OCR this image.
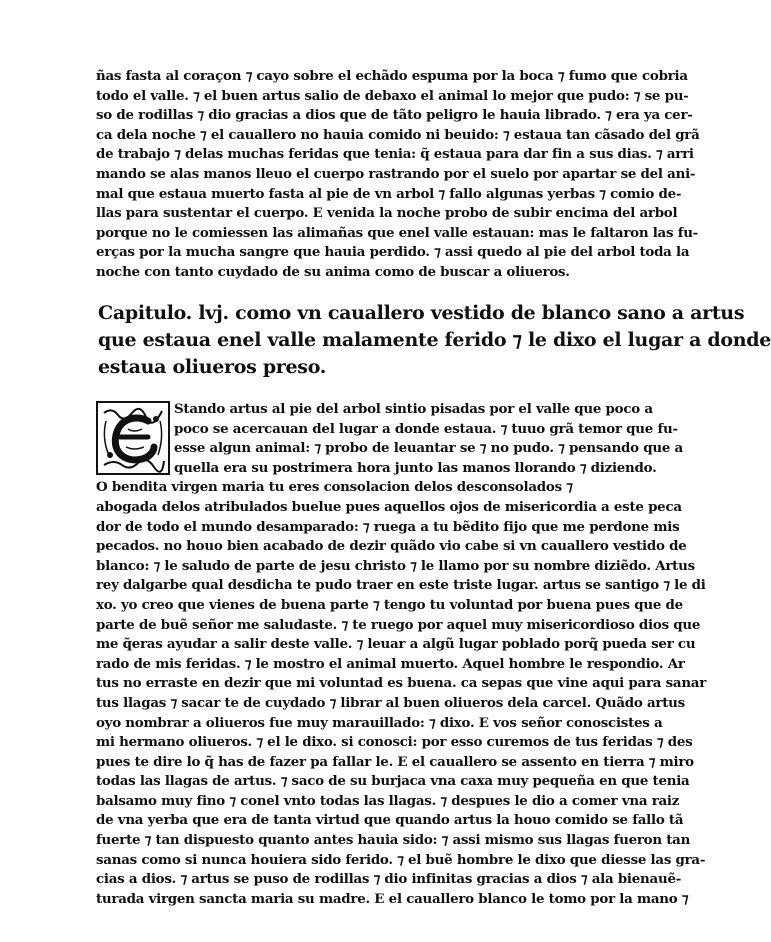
ñas fasta al coraçon ⁊ cayo sobre el echãdo espuma por la boca ⁊ fumo que cobria
todo el valle. ⁊ el buen artus salio de debaxo el animal lo mejor que pudo: ⁊ se pu-
so de rodillas ⁊ dio gracias a dios que de tãto peligro le hauia librado. ⁊ era ya cer-
ca dela noche ⁊ el cauallero no hauia comido ni beuido: ⁊ estaua tan cãsado del grã
de trabajo ⁊ delas muchas feridas que tenia: q̃ estaua para dar fin a sus dias. ⁊ arri
mando se alas manos lleuo el cuerpo rastrando por el suelo por apartar se del ani-
mal que estaua muerto fasta al pie de vn arbol ⁊ fallo algunas yerbas ⁊ comio de-
llas para sustentar el cuerpo. E venida la noche probo de subir encima del arbol
porque no le comiessen las alimañas que enel valle estauan: mas le faltaron las fu-
erças por la mucha sangre que hauia perdido. ⁊ assi quedo al pie del arbol toda la
noche con tanto cuydado de su anima como de buscar a oliueros.
Capitulo. lvj. como vn cauallero vestido de blanco sano a artus
que estaua enel valle malamente ferido ⁊ le dixo el lugar a donde
estaua oliueros preso.
Stando artus al pie del arbol sintio pisadas por el valle que poco a
poco se acercauan del lugar a donde estaua. ⁊ tuuo grã temor que fu-
esse algun animal: ⁊ probo de leuantar se ⁊ no pudo. ⁊ pensando que a
quella era su postrimera hora junto las manos llorando ⁊ diziendo.
O bendita virgen maria tu eres consolacion delos desconsolados ⁊
abogada delos atribulados buelue pues aquellos ojos de misericordia a este peca
dor de todo el mundo desamparado: ⁊ ruega a tu bẽdito fijo que me perdone mis
pecados. no houo bien acabado de dezir quãdo vio cabe si vn cauallero vestido de
blanco: ⁊ le saludo de parte de jesu christo ⁊ le llamo por su nombre diziẽdo. Artus
rey dalgarbe qual desdicha te pudo traer en este triste lugar. artus se santigo ⁊ le di
xo. yo creo que vienes de buena parte ⁊ tengo tu voluntad por buena pues que de
parte de buẽ señor me saludaste. ⁊ te ruego por aquel muy misericordioso dios que
me q̃eras ayudar a salir deste valle. ⁊ leuar a algũ lugar poblado porq̃ pueda ser cu
rado de mis feridas. ⁊ le mostro el animal muerto. Aquel hombre le respondio. Ar
tus no erraste en dezir que mi voluntad es buena. ca sepas que vine aqui para sanar
tus llagas ⁊ sacar te de cuydado ⁊ librar al buen oliueros dela carcel. Quãdo artus
oyo nombrar a oliueros fue muy marauillado: ⁊ dixo. E vos señor conoscistes a
mi hermano oliueros. ⁊ el le dixo. si conosci: por esso curemos de tus feridas ⁊ des
pues te dire lo q̃ has de fazer pa fallar le. E el cauallero se assento en tierra ⁊ miro
todas las llagas de artus. ⁊ saco de su burjaca vna caxa muy pequeña en que tenia
balsamo muy fino ⁊ conel vnto todas las llagas. ⁊ despues le dio a comer vna raiz
de vna yerba que era de tanta virtud que quando artus la houo comido se fallo tã
fuerte ⁊ tan dispuesto quanto antes hauia sido: ⁊ assi mismo sus llagas fueron tan
sanas como si nunca houiera sido ferido. ⁊ el buẽ hombre le dixo que diesse las gra-
cias a dios. ⁊ artus se puso de rodillas ⁊ dio infinitas gracias a dios ⁊ ala bienauẽ-
turada virgen sancta maria su madre. E el cauallero blanco le tomo por la mano ⁊
